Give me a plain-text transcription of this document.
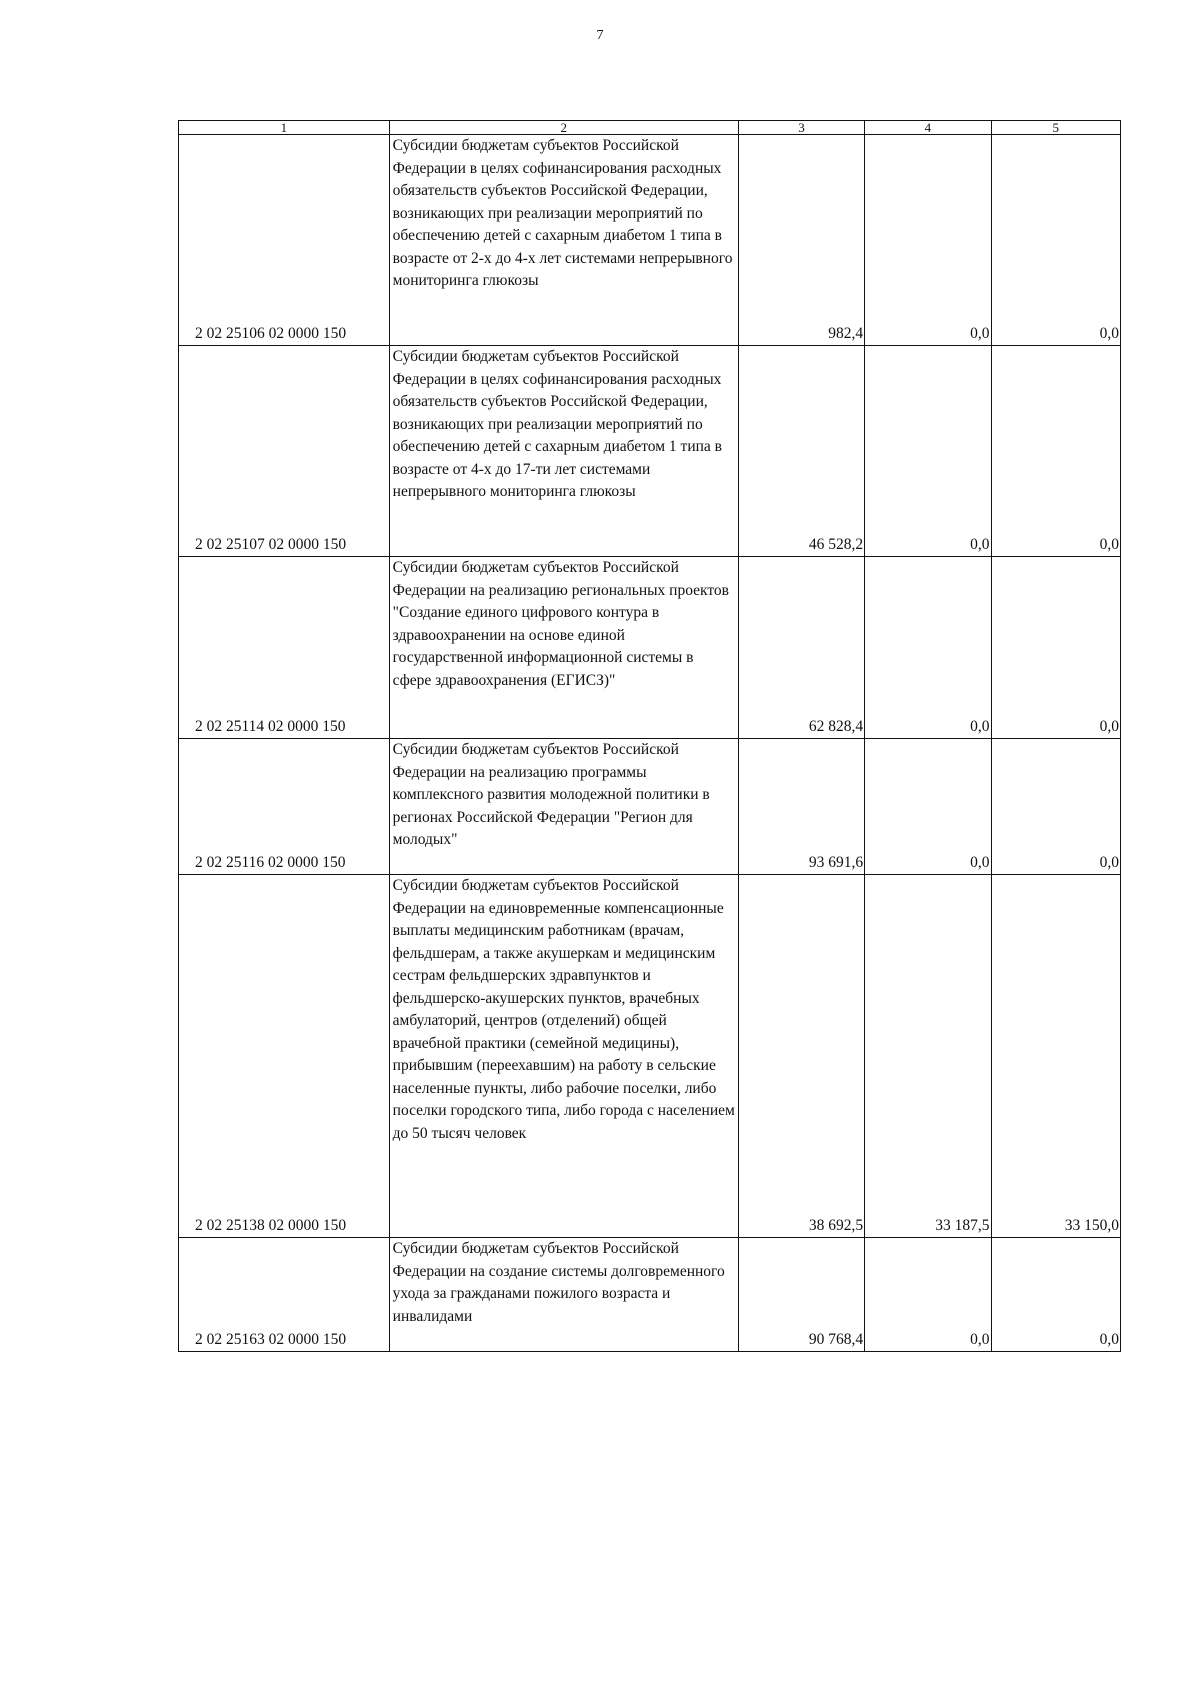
7
1	2	3	4	5
2 02 25106 02 0000 150	Субсидии бюджетам субъектов Российской Федерации в целях софинансирования расходных обязательств субъектов Российской Федерации, возникающих при реализации мероприятий по обеспечению детей с сахарным диабетом 1 типа в возрасте от 2-х до 4-х лет системами непрерывного мониторинга глюкозы	982,4	0,0	0,0
2 02 25107 02 0000 150	Субсидии бюджетам субъектов Российской Федерации в целях софинансирования расходных обязательств субъектов Российской Федерации, возникающих при реализации мероприятий по обеспечению детей с сахарным диабетом 1 типа в возрасте от 4-х до 17-ти лет системами непрерывного мониторинга глюкозы	46 528,2	0,0	0,0
2 02 25114 02 0000 150	Субсидии бюджетам субъектов Российской Федерации на реализацию региональных проектов "Создание единого цифрового контура в здравоохранении на основе единой государственной информационной системы в сфере здравоохранения (ЕГИСЗ)"	62 828,4	0,0	0,0
2 02 25116 02 0000 150	Субсидии бюджетам субъектов Российской Федерации на реализацию программы комплексного развития молодежной политики в регионах Российской Федерации "Регион для молодых"	93 691,6	0,0	0,0
2 02 25138 02 0000 150	Субсидии бюджетам субъектов Российской Федерации на единовременные компенсационные выплаты медицинским работникам (врачам, фельдшерам, а также акушеркам и медицинским сестрам фельдшерских здравпунктов и фельдшерско-акушерских пунктов, врачебных амбулаторий, центров (отделений) общей врачебной практики (семейной медицины), прибывшим (переехавшим) на работу в сельские населенные пункты, либо рабочие поселки, либо поселки городского типа, либо города с населением до 50 тысяч человек	38 692,5	33 187,5	33 150,0
2 02 25163 02 0000 150	Субсидии бюджетам субъектов Российской Федерации на создание системы долговременного ухода за гражданами пожилого возраста и инвалидами	90 768,4	0,0	0,0
